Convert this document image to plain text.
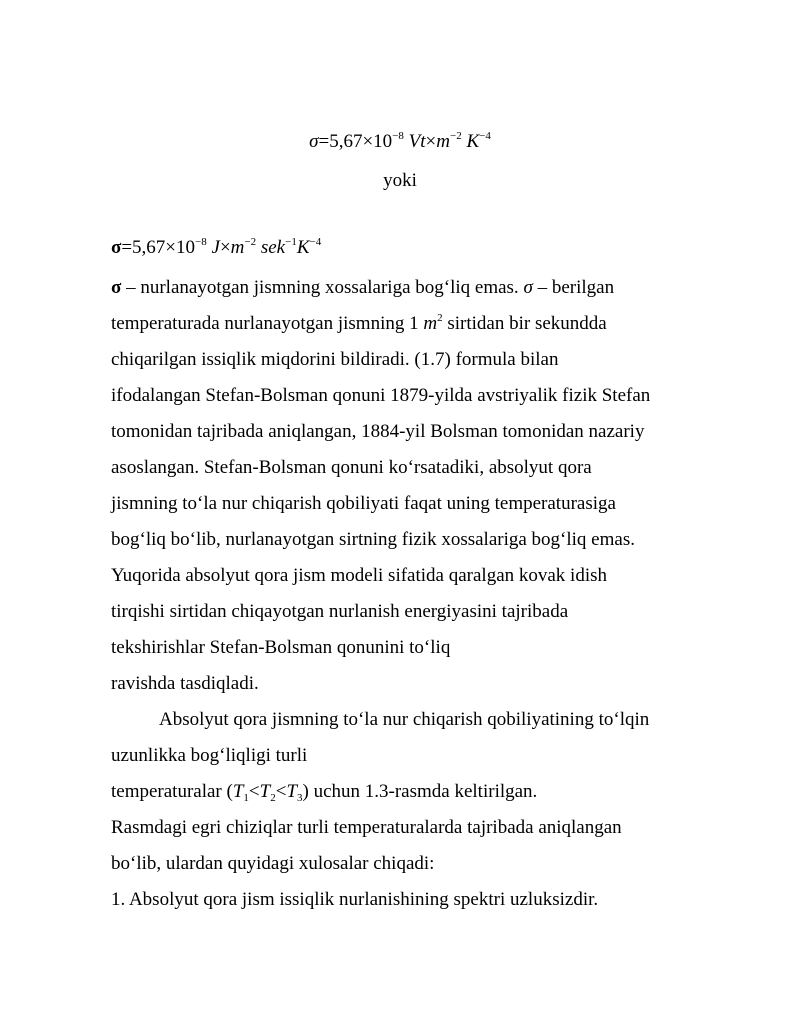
$\sigma=5,67\times 10^{-8}$ $Vt\times m^{-2}$ $K^{-4}$
yoki
$\sigma=5,67\times 10^{-8}$ $J\times m^{-2}$ $sek^{-1}K^{-4}$
σ – nurlanayotgan jismning xossalariga bog‘liq emas. σ – berilgan
temperaturada nurlanayotgan jismning 1 $m^2$ sirtidan bir sekundda
chiqarilgan issiqlik miqdorini bildiradi. (1.7) formula bilan
ifodalangan Stefan-Bolsman qonuni 1879-yilda avstriyalik fizik Stefan
tomonidan tajribada aniqlangan, 1884-yil Bolsman tomonidan nazariy
asoslangan. Stefan-Bolsman qonuni ko‘rsatadiki, absolyut qora
jismning to‘la nur chiqarish qobiliyati faqat uning temperaturasiga
bog‘liq bo‘lib, nurlanayotgan sirtning fizik xossalariga bog‘liq emas.
Yuqorida absolyut qora jism modeli sifatida qaralgan kovak idish
tirqishi sirtidan chiqayotgan nurlanish energiyasini tajribada
tekshirishlar Stefan-Bolsman qonunini to‘liq
ravishda tasdiqladi.
Absolyut qora jismning to‘la nur chiqarish qobiliyatining to‘lqin
uzunlikka bog‘liqligi turli
temperaturalar $(T_1<T_2<T_3)$ uchun 1.3-rasmda keltirilgan.
Rasmdagi egri chiziqlar turli temperaturalarda tajribada aniqlangan
bo‘lib, ulardan quyidagi xulosalar chiqadi:
1. Absolyut qora jism issiqlik nurlanishining spektri uzluksizdir.
